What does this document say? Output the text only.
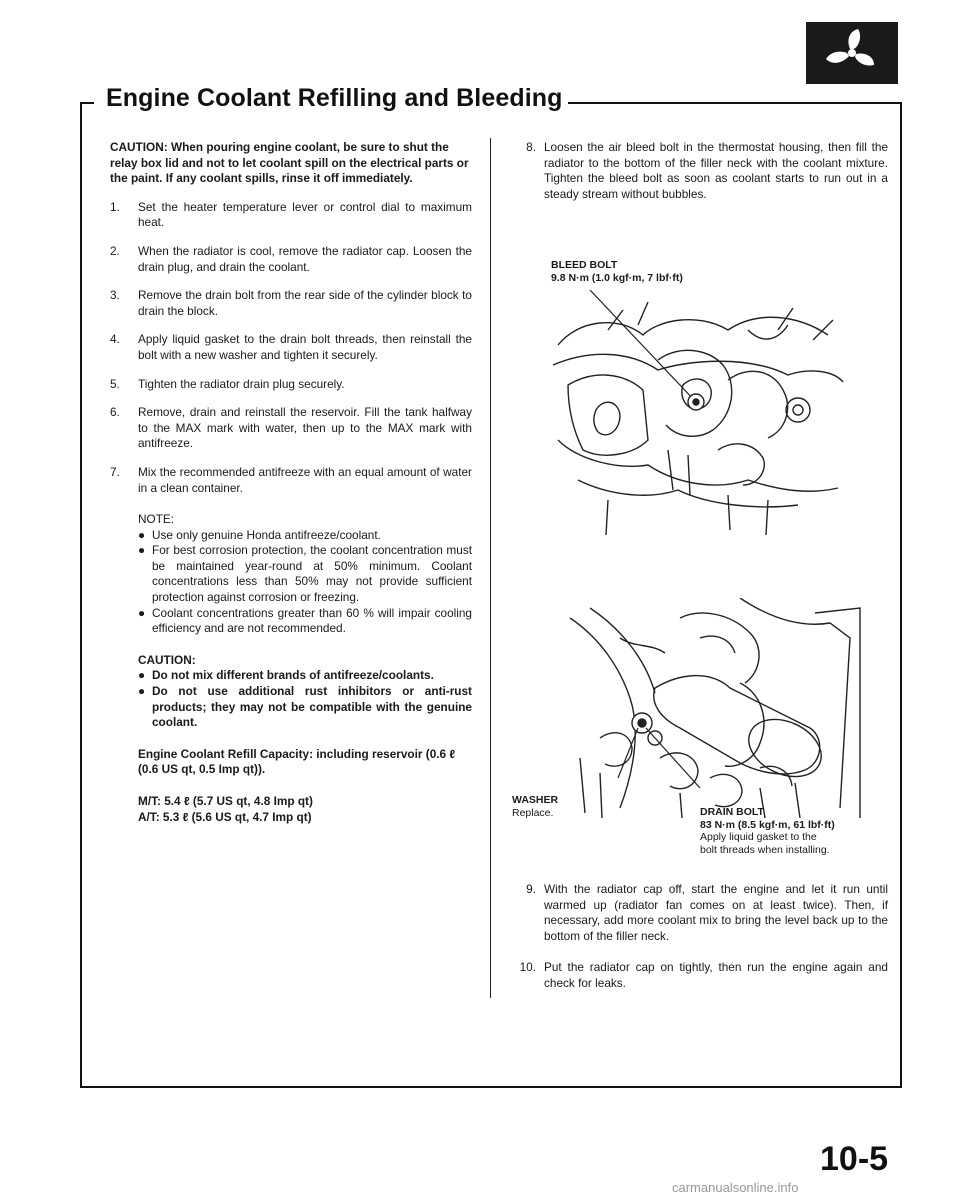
Engine Coolant Refilling and Bleeding

CAUTION: When pouring engine coolant, be sure to shut the relay box lid and not to let coolant spill on the electrical parts or the paint. If any coolant spills, rinse it off immediately.

1.	Set the heater temperature lever or control dial to maximum heat.
2.	When the radiator is cool, remove the radiator cap. Loosen the drain plug, and drain the coolant.
3.	Remove the drain bolt from the rear side of the cylinder block to drain the block.
4.	Apply liquid gasket to the drain bolt threads, then reinstall the bolt with a new washer and tighten it securely.
5.	Tighten the radiator drain plug securely.
6.	Remove, drain and reinstall the reservoir. Fill the tank halfway to the MAX mark with water, then up to the MAX mark with antifreeze.
7.	Mix the recommended antifreeze with an equal amount of water in a clean container.
NOTE:
● Use only genuine Honda antifreeze/coolant.
● For best corrosion protection, the coolant concentration must be maintained year-round at 50% minimum. Coolant concentrations less than 50% may not provide sufficient protection against corrosion or freezing.
● Coolant concentrations greater than 60 % will impair cooling efficiency and are not recommended.
CAUTION:
● Do not mix different brands of antifreeze/coolants.
● Do not use additional rust inhibitors or anti-rust products; they may not be compatible with the genuine coolant.

Engine Coolant Refill Capacity: including reservoir (0.6 ℓ (0.6 US qt, 0.5 Imp qt)).

M/T: 5.4 ℓ (5.7 US qt, 4.8 Imp qt)

A/T: 5.3 ℓ (5.6 US qt, 4.7 Imp qt)

8. Loosen the air bleed bolt in the thermostat housing, then fill the radiator to the bottom of the filler neck with the coolant mixture. Tighten the bleed bolt as soon as coolant starts to run out in a steady stream without bubbles.
BLEED BOLT
9.8 N·m (1.0 kgf·m, 7 lbf·ft)
WASHER
Replace.	DRAIN BOLT
83 N·m (8.5 kgf·m, 61 lbf·ft)
Apply liquid gasket to the
bolt threads when installing.
9. With the radiator cap off, start the engine and let it run until warmed up (radiator fan comes on at least twice). Then, if necessary, add more coolant mix to bring the level back up to the bottom of the filler neck.
10. Put the radiator cap on tightly, then run the engine again and check for leaks.
10-5
carmanualsonline.info
